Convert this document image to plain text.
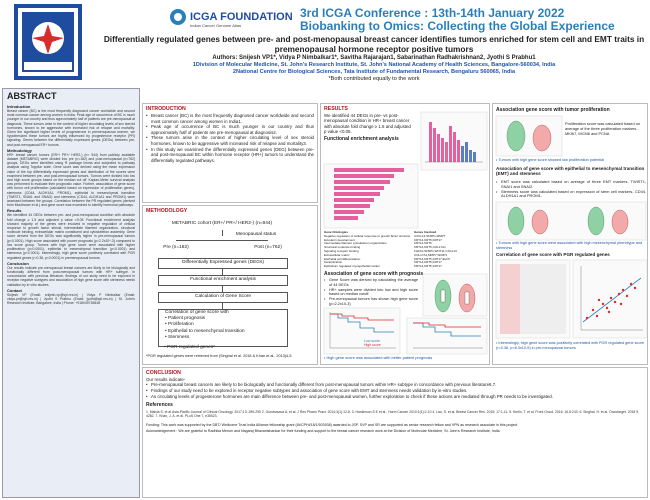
ICGA FOUNDATION
Indian Cancer Genome Atlas
3rd ICGA Conference : 13th-14th January 2022
Biobanking to Omics: Collecting the Global Experience
Differentially regulated genes between pre- and post-menopausal breast cancer identifies tumors enriched for stem cell and EMT traits in
premenopausal hormone receptor positive tumors
Authors: Snijesh VP1*, Vidya P Nimbalkar1*, Savitha Rajarajan1, Sabarinathan Radhakrishnan2, Jyothi S Prabhu1
1Division of Molecular Medicine, St. John's Research Institute, St. John's National Academy of Health Sciences, Bangalore-560034, India
2National Centre for Biological Sciences, Tata Institute of Fundamental Research, Bengaluru 560065, India
*Both contributed equally to the work
ABSTRACT
Introduction
Breast cancer (BC) is the most frequently diagnosed cancer worldwide and second most common cancer among women in India. Peak age of occurrence of BC is much younger in our country and thus approximately half of patients are pre-menopausal at diagnosis. These tumors arise in the context of higher circulating levels of sex steroid hormones, known to be aggressive with increased risk of relapse and mortality. Given the significant higher levels of progesterone in premenopausal women, we hypothesized these tumors are highly influenced by progesterone receptor (PR) signaling. Genes between the differentially expressed genes (DEGs) between pre- and post-menopausal ER+ tumors.
Methodology
HR+ breast cancer tumors (ER+/ PR+/ HER2-) (n= 944) from publicly available dataset (METABRIC) were divided into pre (n=182) and post-menopausal (n=762) groups. DEGs were identified using R package limma and subjected to pathway analysis using Toppfun suite. Gene score was derived using the mean expression value of the top differentially expressed genes and distribution of the scores were examined between pre- and post-menopausal tumors. Tumors were divided into low and high score groups based on the median cut off. Kaplan-Meier survival analysis was performed to evaluate their prognostic value. Further, association of gene score with tumor cell proliferation (calculated based on expression of proliferation genes), stemness (CD44, ALDH1A1, PROM1), epithelial to mesenchymal transition (TWIST1, SNAI1 and SNAI2) and stemness (CD44, ALDH1A1 and PROM1) were assessed between the groups. Correlation between the PR regulated genes (derived from Moulbauer et al.) and gene score was examined to identify hormonal pathways.
Results
We identified 44 DEGs between pre- and post-menopausal condition with absolute fold change ≥ 1.5 and adjusted p value <0.05. Functional enrichment analysis showed majority of the genes were involved in negative regulation of cellular response to growth factor stimuli, intermediate filament organization, structural molecule binding, extracellular matrix constituent and cytoskeleton assembly. Gene score derived from the DEGs was significantly higher in pre-menopausal tumors (p<0.0001). High score associated with poorer prognosis (p=2.2x10^-3) compared to low score group. Tumors with high gene score were associated with higher proliferation (p=0.0001), epithelial to mesenchymal transition (p<0.0001) and stemness (p<0.0001). Interestingly, high gene score positively correlated with PGR regulated genes (r=0.36, p<0.0001) in premenopausal tumors.
Conclusion
Our results indicate pre-menopausal breast cancers are likely to be biologically and functionally different from post-menopausal tumors with HR+ subtype. In concordance with previous literature, findings of our study need to be explored in receptor negative subtypes and association of high gene score with stemness needs validation by in vitro studies.
Contact
Snijesh VP (Email: snijesh.vp@sjri.res.in) | Vidya P Nimbalkar (Email: vidya.pn@sjri.res.in) | Jyothi S Prabhu (Email: jyothi@sjri.res.in) | St. John's Research Institute, Bangalore, India | Phone: +918049735848
INTRODUCTION
• Breast cancer (BC) is the most frequently diagnosed cancer worldwide and second most common cancer among women in India1.
• Peak age of occurrence of BC is much younger in our country and thus approximately half of patients are pre-menopausal at diagnosis2.
• These tumors arise in the context of higher circulating level of sex steroid hormones, known to be aggressive with increased risk of relapse and mortality3.
• In this study we examined the differentially expressed genes (DEG) between pre- and post-menopausal BC within hormone receptor (HR+) tumors to understand the differentially regulated pathways.
METHODOLOGY
METABRIC cohort (ER+/ PR+/ HER2-) (n=944)
Menopausal status
Pre (n=182)	Post (n=762)
Differentially Expressed genes (DEGs)
Functional enrichment analysis
Calculation of Gene Score
Correlation of gene score with
• Patient prognosis
• Proliferation
• Epithelial to mesenchymal transition
• Stemness
• PGR regulated genes*
*PGR regulated genes were retrieved from (Singhal et al. 2018 & Khan et al., 2013)4,5.
RESULTS
We identified 44 DEGs in pre- vs post-menopausal condition in HR+ breast cancer with absolute fold change ≥ 1.5 and adjusted p value <0.05.
Functional enrichment analysis
Gene Ontologies	Genes Involved
Negative regulation of cellular response to growth factor stimulus	CXCL13,SFRP1,MMP7
Ectoderm development	KRT14,KRT5,KRT17
Intermediate filament cytoskeleton organization	KRT14,KRT5
Structural molecule binding	KRT14,KRT5,COL17A1
Signaling receptor binding	FGF10,SFRP1,WNT11,CXCL13
Extracellular matrix	COL17A1,MMP7,SFRP1
Epithelial cell differentiation	KRT14,KRT5,KRT17,ELF5
Keratinization	KRT14,KRT5,KRT17
Epithelium regulated myoepithelial marker	KRT14,KRT5,KRT17
Association of gene score with prognosis
• Gene Score was derived by calculating the average of 44 DEGs
• HR+ samples were divided into low and high score based on median cutoff.
• Pre-menopausal tumors has shown high gene score (p=2.2x10-3)
Low score
High score
• High gene score was associated with better patient prognosis
Association gene score with tumor proliferation
Proliferation score was calculated based on average of the three proliferation markers - MKI67, MCM6 and PCNA
• Tumors with high gene score showed low proliferation potential
Association of gene score with epithelial to mesenchymal transition (EMT) and stemness
• EMT score was calculated based on average of three EMT markers- TWIST1, SNAI1 and SNAI2.
• Stemness score was calculated based on expression of stem cell markers- CD44, ALDH1A1 and PROM1.
• Tumors with high gene score were associated with high mesenchymal phenotype and stemness
Correlation of gene score with PGR regulated genes
• Interestingly, high gene score was positively correlated with PGR regulated gene score (r=0.36, p<8.3x10-5) in pre-menopausal tumors
CONCLUSION
Our results indicate-
• Pre-menopausal breast cancers are likely to be biologically and functionally different from post-menopausal tumors within HR+ subtype in concordance with previous literature6,7.
• Findings of our study need to be explored in receptor negative subtypes and association of gene score with EMT and stemness needs validation by in-vitro studies.
• As circulating levels of progesterone hormones are main difference between pre- and post-menopausal women, further exploration to check if these actions are mediated through PR needs to be investigated.
References
1. Malvia S, et al.Asia-Pacific Journal of Clinical Oncology. 2017;13: 289-295 2. Gurubasava A, et al. J Res Pharm Pract. 2014;3(1):12-8. 3. Hankinson S E et al., Horm Cancer 2010;1(1):2-10 4. Lao, S. et al. Breast Cancer Res. 2015; 17:1-11. 5. Kerlin, T. et al. Front Oncol. 2016; 16,6:243. 6. Singhal, H. et al. Oncotarget. 2018 9, 4282. 7. Khan, J. A. et al. PLoS One 7, e36523.
Funding: This work was supported by the DBT/ Wellcome Trust India Alliance fellowship grant (IA/CPHI/18/1/503938) awarded to JSP. SVP and SR are supported as senior research fellow and VPN as research associate in this project
Acknowledgement : We are grateful to Radhika Menon and Nagaraj Bhavanishankar for their funding and support to the breast cancer research work at the Division of Molecular Medicine, St. John's Research Institute, India
